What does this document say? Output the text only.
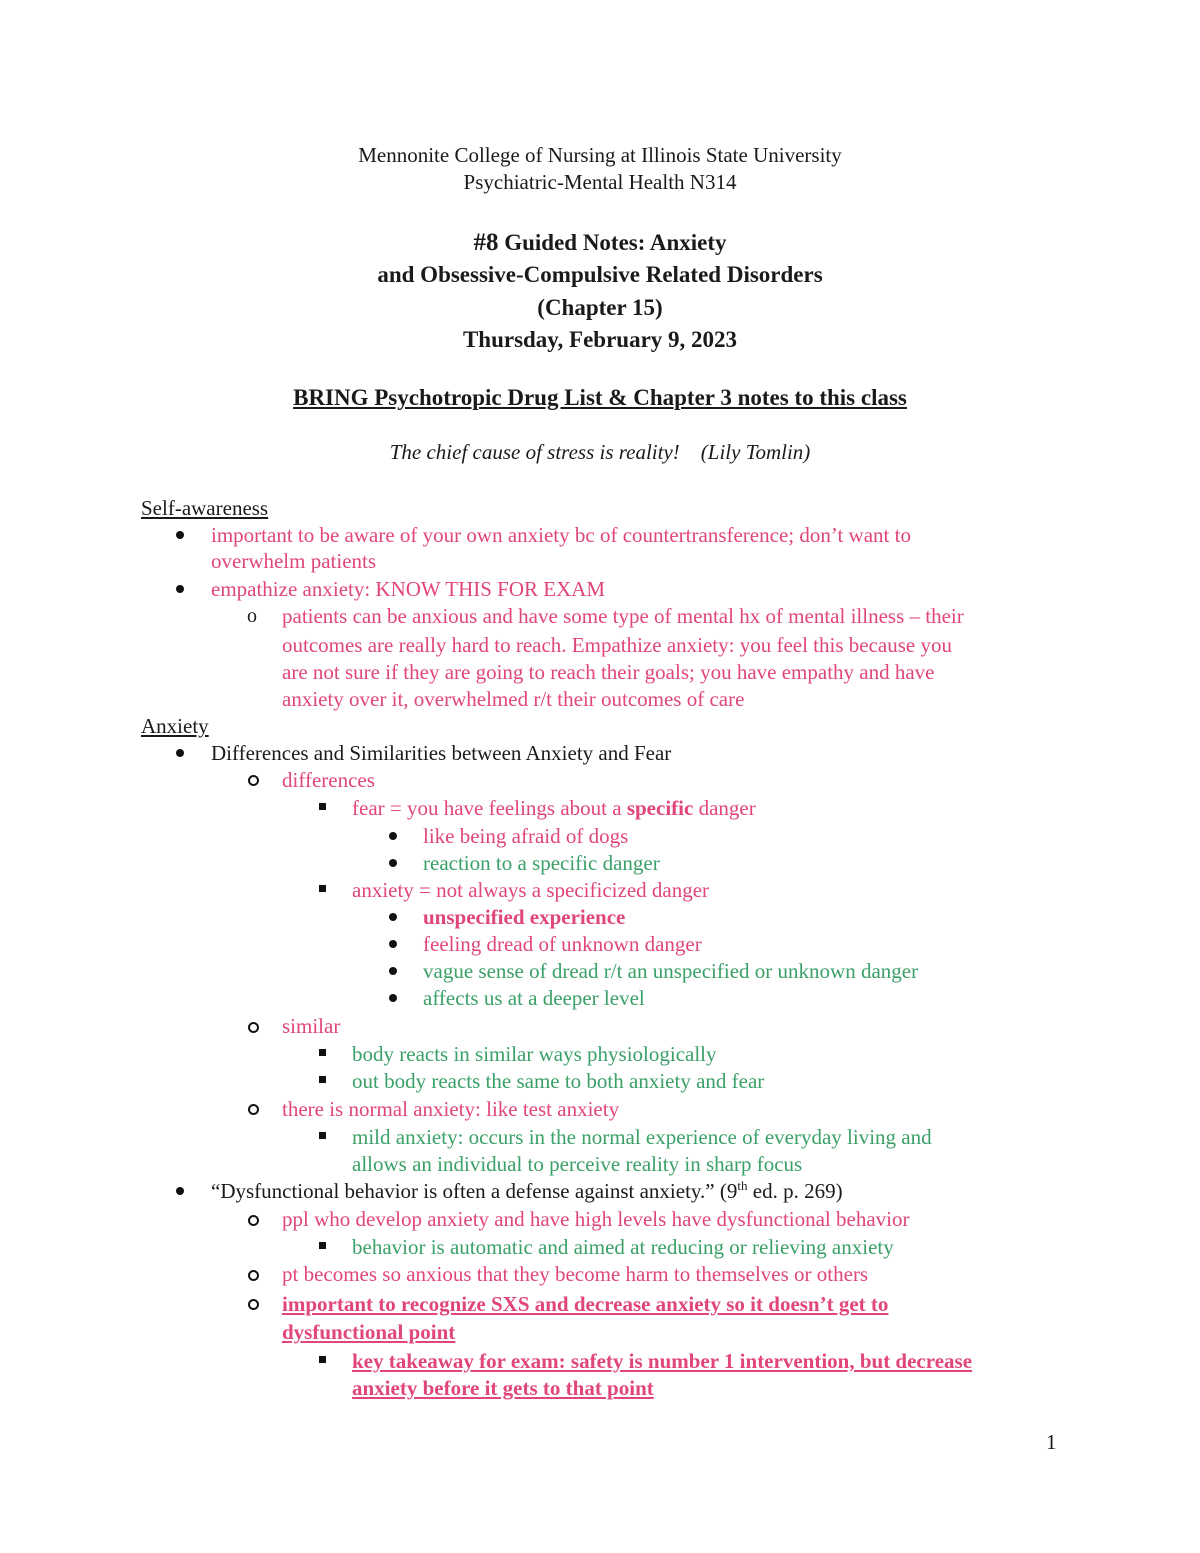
Mennonite College of Nursing at Illinois State University
Psychiatric-Mental Health N314
#8 Guided Notes: Anxiety
and Obsessive-Compulsive Related Disorders
(Chapter 15)
Thursday, February 9, 2023
BRING Psychotropic Drug List & Chapter 3 notes to this class
The chief cause of stress is reality! (Lily Tomlin)
Self-awareness
important to be aware of your own anxiety bc of countertransference; don’t want to
overwhelm patients
empathize anxiety: KNOW THIS FOR EXAM
o patients can be anxious and have some type of mental hx of mental illness – their
outcomes are really hard to reach. Empathize anxiety: you feel this because you
are not sure if they are going to reach their goals; you have empathy and have
anxiety over it, overwhelmed r/t their outcomes of care
Anxiety
Differences and Similarities between Anxiety and Fear
differences
fear = you have feelings about a specific danger
like being afraid of dogs
reaction to a specific danger
anxiety = not always a specificized danger
unspecified experience
feeling dread of unknown danger
vague sense of dread r/t an unspecified or unknown danger
affects us at a deeper level
similar
body reacts in similar ways physiologically
out body reacts the same to both anxiety and fear
there is normal anxiety: like test anxiety
mild anxiety: occurs in the normal experience of everyday living and
allows an individual to perceive reality in sharp focus
“Dysfunctional behavior is often a defense against anxiety.” (9th ed. p. 269)
ppl who develop anxiety and have high levels have dysfunctional behavior
behavior is automatic and aimed at reducing or relieving anxiety
pt becomes so anxious that they become harm to themselves or others
important to recognize SXS and decrease anxiety so it doesn’t get to
dysfunctional point
key takeaway for exam: safety is number 1 intervention, but decrease
anxiety before it gets to that point
1
